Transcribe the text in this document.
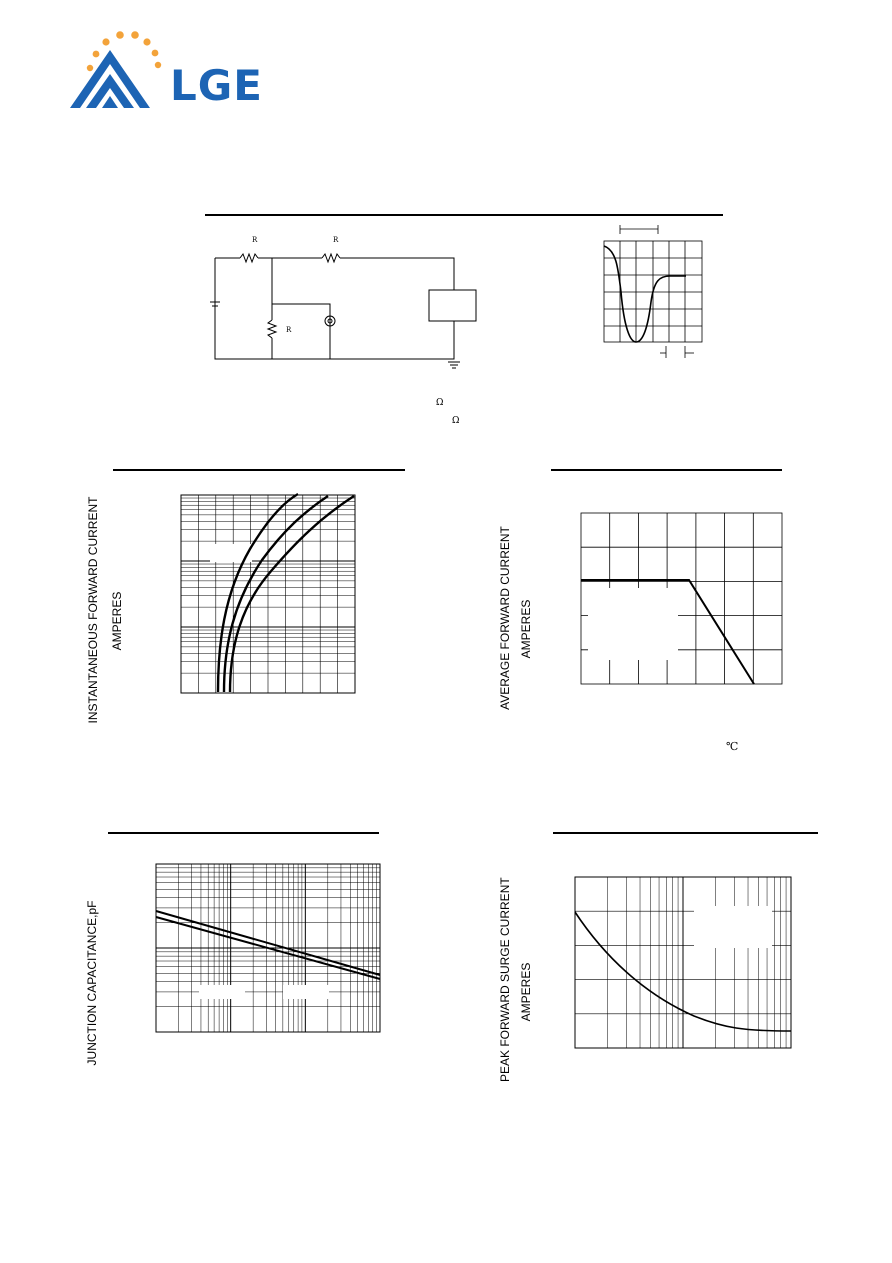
LGE
R	R
R
Ω
Ω
INSTANTANEOUS FORWARD CURRENT AMPERES	AVERAGE FORWARD CURRENT AMPERES
℃
JUNCTION CAPACITANCE,pF	PEAK FORWARD SURGE CURRENT AMPERES
